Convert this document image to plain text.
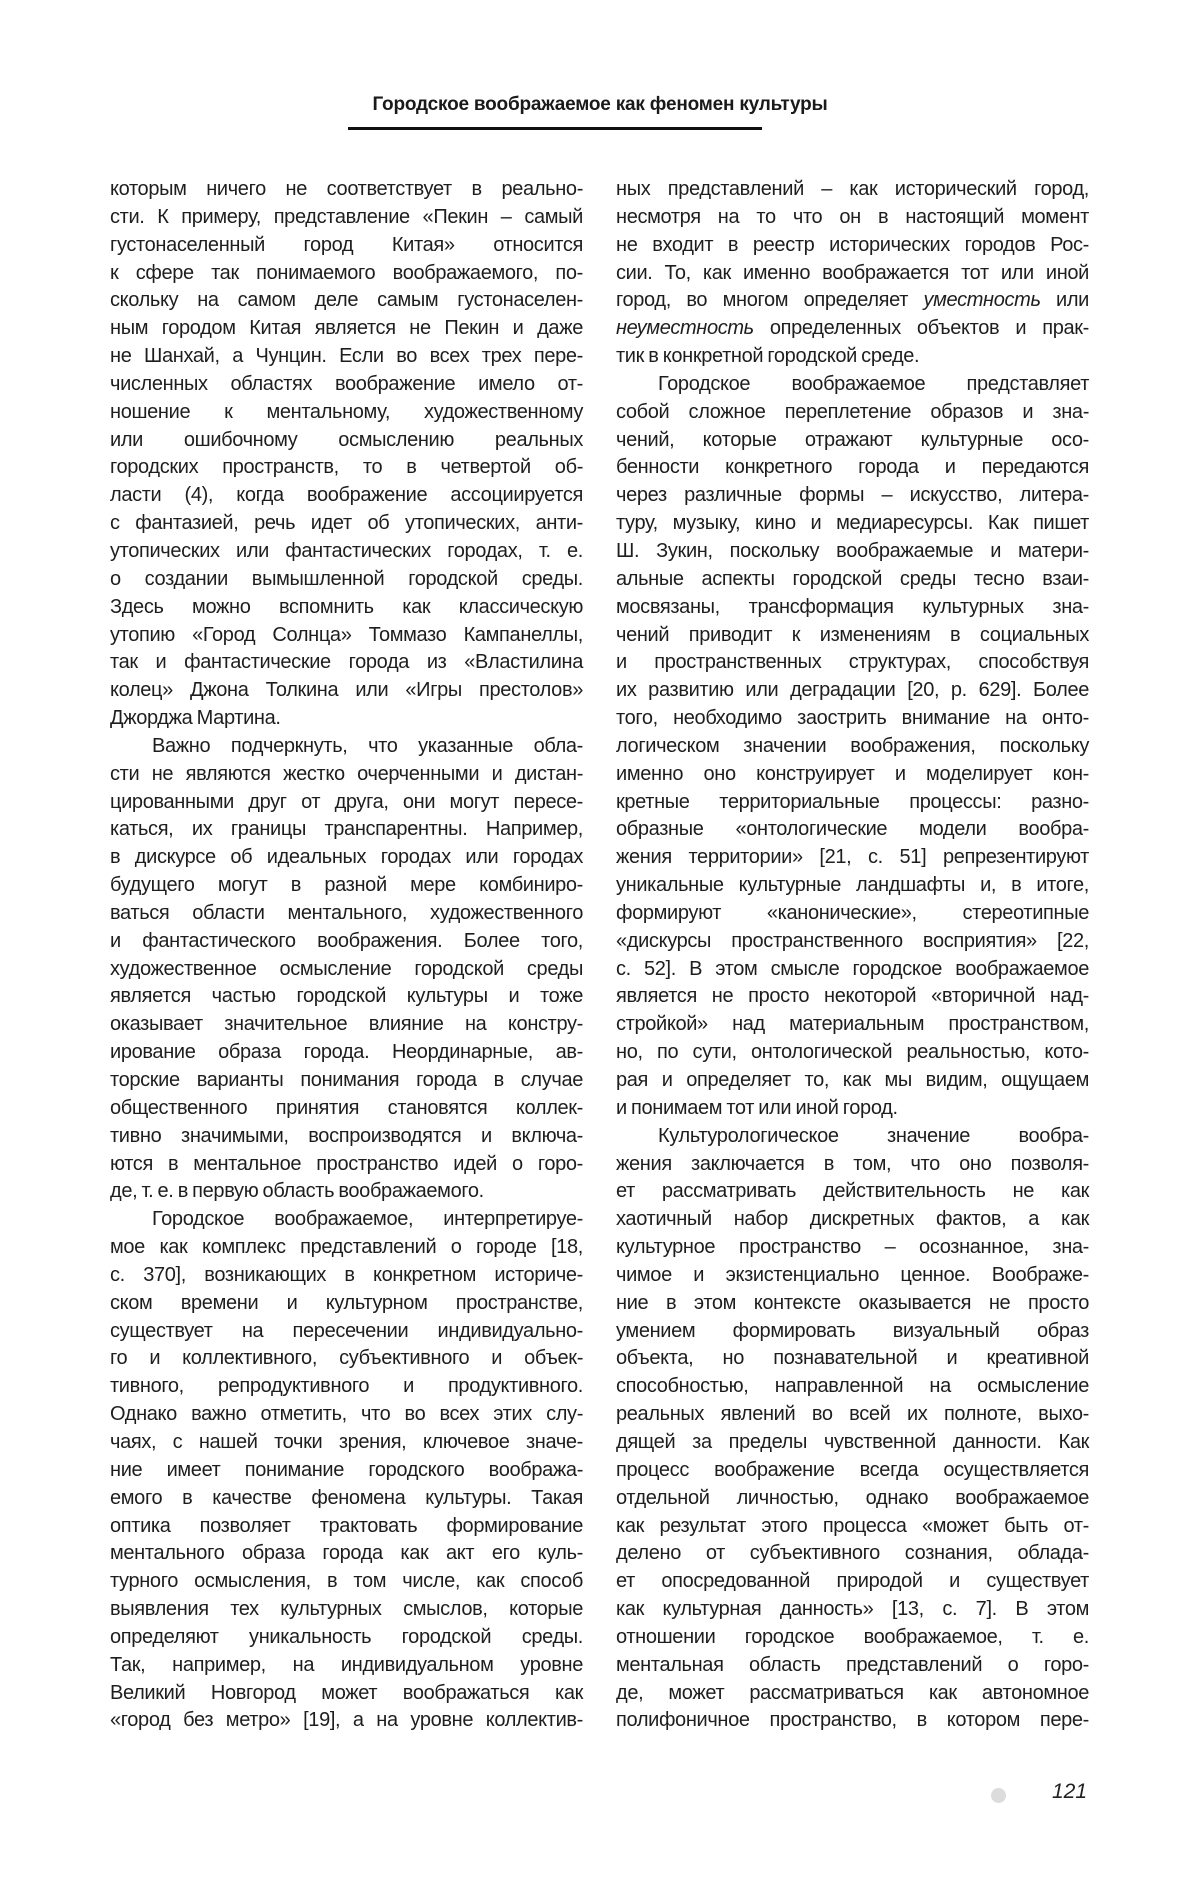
Городское воображаемое как феномен культуры
которым ничего не соответствует в реально-
сти. К примеру, представление «Пекин – самый
густонаселенный город Китая» относится
к сфере так понимаемого воображаемого, по-
скольку на самом деле самым густонаселен-
ным городом Китая является не Пекин и даже
не Шанхай, а Чунцин. Если во всех трех пере-
численных областях воображение имело от-
ношение к ментальному, художественному
или ошибочному осмыслению реальных
городских пространств, то в четвертой об-
ласти (4), когда воображение ассоциируется
с фантазией, речь идет об утопических, анти-
утопических или фантастических городах, т. е.
о создании вымышленной городской среды.
Здесь можно вспомнить как классическую
утопию «Город Солнца» Томмазо Кампанеллы,
так и фантастические города из «Властилина
колец» Джона Толкина или «Игры престолов»
Джорджа Мартина.
Важно подчеркнуть, что указанные обла-
сти не являются жестко очерченными и дистан-
цированными друг от друга, они могут пересе-
каться, их границы транспарентны. Например,
в дискурсе об идеальных городах или городах
будущего могут в разной мере комбиниро-
ваться области ментального, художественного
и фантастического воображения. Более того,
художественное осмысление городской среды
является частью городской культуры и тоже
оказывает значительное влияние на констру-
ирование образа города. Неординарные, ав-
торские варианты понимания города в случае
общественного принятия становятся коллек-
тивно значимыми, воспроизводятся и включа-
ются в ментальное пространство идей о горо-
де, т. е. в первую область воображаемого.
Городское воображаемое, интерпретируе-
мое как комплекс представлений о городе [18,
с. 370], возникающих в конкретном историче-
ском времени и культурном пространстве,
существует на пересечении индивидуально-
го и коллективного, субъективного и объек-
тивного, репродуктивного и продуктивного.
Однако важно отметить, что во всех этих слу-
чаях, с нашей точки зрения, ключевое значе-
ние имеет понимание городского вообража-
емого в качестве феномена культуры. Такая
оптика позволяет трактовать формирование
ментального образа города как акт его куль-
турного осмысления, в том числе, как способ
выявления тех культурных смыслов, которые
определяют уникальность городской среды.
Так, например, на индивидуальном уровне
Великий Новгород может воображаться как
«город без метро» [19], а на уровне коллектив-
ных представлений – как исторический город,
несмотря на то что он в настоящий момент
не входит в реестр исторических городов Рос-
сии. То, как именно воображается тот или иной
город, во многом определяет уместность или
неуместность определенных объектов и прак-
тик в конкретной городской среде.
Городское воображаемое представляет
собой сложное переплетение образов и зна-
чений, которые отражают культурные осо-
бенности конкретного города и передаются
через различные формы – искусство, литера-
туру, музыку, кино и медиаресурсы. Как пишет
Ш. Зукин, поскольку воображаемые и матери-
альные аспекты городской среды тесно взаи-
мосвязаны, трансформация культурных зна-
чений приводит к изменениям в социальных
и пространственных структурах, способствуя
их развитию или деградации [20, p. 629]. Более
того, необходимо заострить внимание на онто-
логическом значении воображения, поскольку
именно оно конструирует и моделирует кон-
кретные территориальные процессы: разно-
образные «онтологические модели вообра-
жения территории» [21, с. 51] репрезентируют
уникальные культурные ландшафты и, в итоге,
формируют «канонические», стереотипные
«дискурсы пространственного восприятия» [22,
с. 52]. В этом смысле городское воображаемое
является не просто некоторой «вторичной над-
стройкой» над материальным пространством,
но, по сути, онтологической реальностью, кото-
рая и определяет то, как мы видим, ощущаем
и понимаем тот или иной город.
Культурологическое значение вообра-
жения заключается в том, что оно позволя-
ет рассматривать действительность не как
хаотичный набор дискретных фактов, а как
культурное пространство – осознанное, зна-
чимое и экзистенциально ценное. Воображе-
ние в этом контексте оказывается не просто
умением формировать визуальный образ
объекта, но познавательной и креативной
способностью, направленной на осмысление
реальных явлений во всей их полноте, выхо-
дящей за пределы чувственной данности. Как
процесс воображение всегда осуществляется
отдельной личностью, однако воображаемое
как результат этого процесса «может быть от-
делено от субъективного сознания, облада-
ет опосредованной природой и существует
как культурная данность» [13, с. 7]. В этом
отношении городское воображаемое, т. е.
ментальная область представлений о горо-
де, может рассматриваться как автономное
полифоничное пространство, в котором пере-
121
